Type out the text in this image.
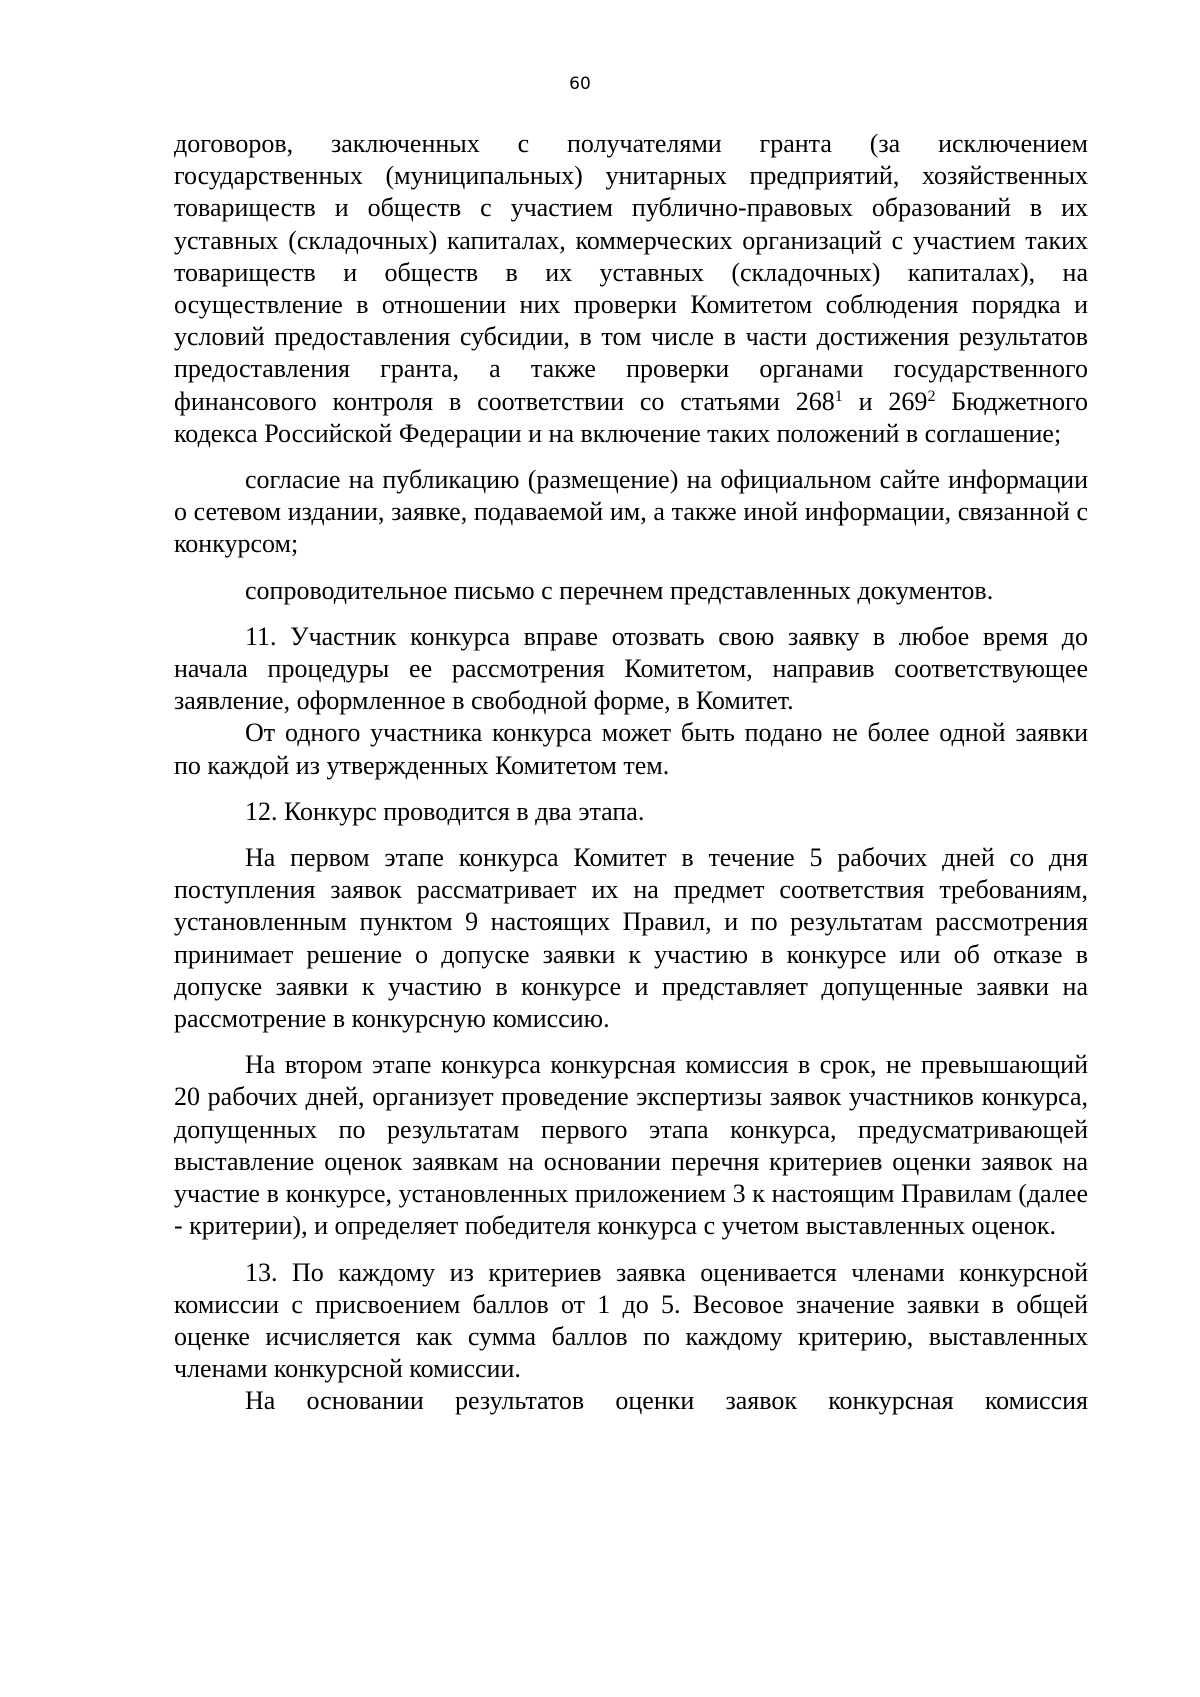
60

договоров, заключенных с получателями гранта (за исключением государственных (муниципальных) унитарных предприятий, хозяйственных товариществ и обществ с участием публично-правовых образований в их уставных (складочных) капиталах, коммерческих организаций с участием таких товариществ и обществ в их уставных (складочных) капиталах), на осуществление в отношении них проверки Комитетом соблюдения порядка и условий предоставления субсидии, в том числе в части достижения результатов предоставления гранта, а также проверки органами государственного финансового контроля в соответствии со статьями $268^1$ и $269^2$ Бюджетного кодекса Российской Федерации и на включение таких положений в соглашение;

согласие на публикацию (размещение) на официальном сайте информации о сетевом издании, заявке, подаваемой им, а также иной информации, связанной с конкурсом;

сопроводительное письмо с перечнем представленных документов.

11. Участник конкурса вправе отозвать свою заявку в любое время до начала процедуры ее рассмотрения Комитетом, направив соответствующее заявление, оформленное в свободной форме, в Комитет.

От одного участника конкурса может быть подано не более одной заявки по каждой из утвержденных Комитетом тем.

12. Конкурс проводится в два этапа.

На первом этапе конкурса Комитет в течение 5 рабочих дней со дня поступления заявок рассматривает их на предмет соответствия требованиям, установленным пунктом 9 настоящих Правил, и по результатам рассмотрения принимает решение о допуске заявки к участию в конкурсе или об отказе в допуске заявки к участию в конкурсе и представляет допущенные заявки на рассмотрение в конкурсную комиссию.

На втором этапе конкурса конкурсная комиссия в срок, не превышающий 20 рабочих дней, организует проведение экспертизы заявок участников конкурса, допущенных по результатам первого этапа конкурса, предусматривающей выставление оценок заявкам на основании перечня критериев оценки заявок на участие в конкурсе, установленных приложением 3 к настоящим Правилам (далее - критерии), и определяет победителя конкурса с учетом выставленных оценок.

13. По каждому из критериев заявка оценивается членами конкурсной комиссии с присвоением баллов от 1 до 5. Весовое значение заявки в общей оценке исчисляется как сумма баллов по каждому критерию, выставленных членами конкурсной комиссии.

На основании результатов оценки заявок конкурсная комиссия
